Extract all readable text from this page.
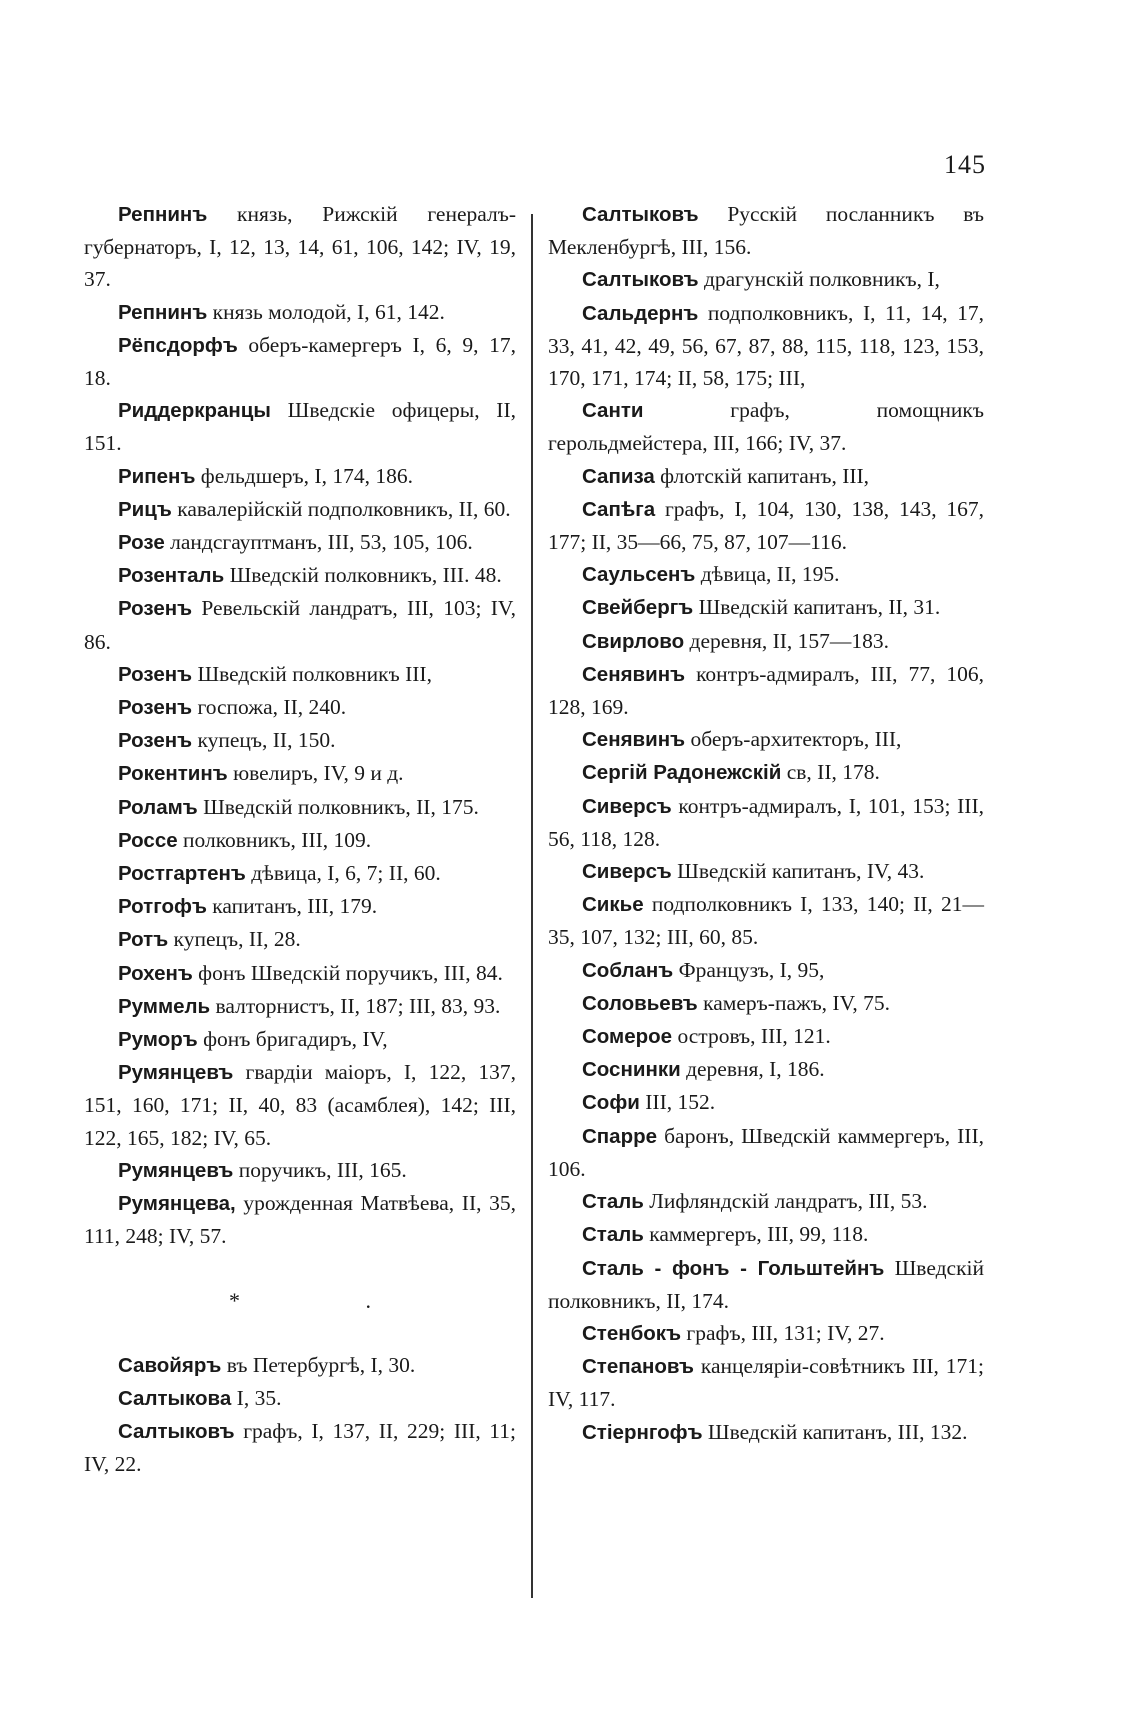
145

Репнинъ князь, Рижскій генералъ-губернаторъ, I, 12, 13, 14, 61, 106, 142; IV, 19, 37.

Репнинъ князь молодой, I, 61, 142.

Рёпсдорфъ оберъ-камергеръ I, 6, 9, 17, 18.

Риддеркранцы Шведскіе офицеры, II, 151.

Рипенъ фельдшеръ, I, 174, 186.

Рицъ кавалерійскій подполковникъ, II, 60.

Розе ландсгауптманъ, III, 53, 105, 106.

Розенталь Шведскій полковникъ, III. 48.

Розенъ Ревельскій ландратъ, III, 103; IV, 86.

Розенъ Шведскій полковникъ III,

Розенъ госпожа, II, 240.

Розенъ купецъ, II, 150.

Рокентинъ ювелиръ, IV, 9 и д.

Роламъ Шведскій полковникъ, II, 175.

Россе полковникъ, III, 109.

Ростгартенъ дѣвица, I, 6, 7; II, 60.

Ротгофъ капитанъ, III, 179.

Ротъ купецъ, II, 28.

Рохенъ фонъ Шведскій поручикъ, III, 84.

Руммель валторнистъ, II, 187; III, 83, 93.

Руморъ фонъ бригадиръ, IV,

Румянцевъ гвардіи маіоръ, I, 122, 137, 151, 160, 171; II, 40, 83 (асамблея), 142; III, 122, 165, 182; IV, 65.

Румянцевъ поручикъ, III, 165.

Румянцева, урожденная Матвѣева, II, 35, 111, 248; IV, 57.

* .

Савойяръ въ Петербургѣ, I, 30.

Салтыкова I, 35.

Салтыковъ графъ, I, 137, II, 229; III, 11; IV, 22.

Салтыковъ Русскій посланникъ въ Мекленбургѣ, III, 156.

Салтыковъ драгунскій полковникъ, I,

Сальдернъ подполковникъ, I, 11, 14, 17, 33, 41, 42, 49, 56, 67, 87, 88, 115, 118, 123, 153, 170, 171, 174; II, 58, 175; III,

Санти графъ, помощникъ герольдмейстера, III, 166; IV, 37.

Сапиза флотскій капитанъ, III,

Сапѣга графъ, I, 104, 130, 138, 143, 167, 177; II, 35—66, 75, 87, 107—116.

Саульсенъ дѣвица, II, 195.

Свейбергъ Шведскій капитанъ, II, 31.

Свирлово деревня, II, 157—183.

Сенявинъ контръ-адмиралъ, III, 77, 106, 128, 169.

Сенявинъ оберъ-архитекторъ, III,

Сергій Радонежскій св, II, 178.

Сиверсъ контръ-адмиралъ, I, 101, 153; III, 56, 118, 128.

Сиверсъ Шведскій капитанъ, IV, 43.

Сикье подполковникъ I, 133, 140; II, 21—35, 107, 132; III, 60, 85.

Собланъ Французъ, I, 95,

Соловьевъ камеръ-пажъ, IV, 75.

Сомерое островъ, III, 121.

Соснинки деревня, I, 186.

Софи III, 152.

Спарре баронъ, Шведскій каммергеръ, III, 106.

Сталь Лифляндскій ландратъ, III, 53.

Сталь каммергеръ, III, 99, 118.

Сталь - фонъ - Гольштейнъ Шведскій полковникъ, II, 174.

Стенбокъ графъ, III, 131; IV, 27.

Степановъ канцеляріи-совѣтникъ III, 171; IV, 117.

Стіернгофъ Шведскій капитанъ, III, 132.
